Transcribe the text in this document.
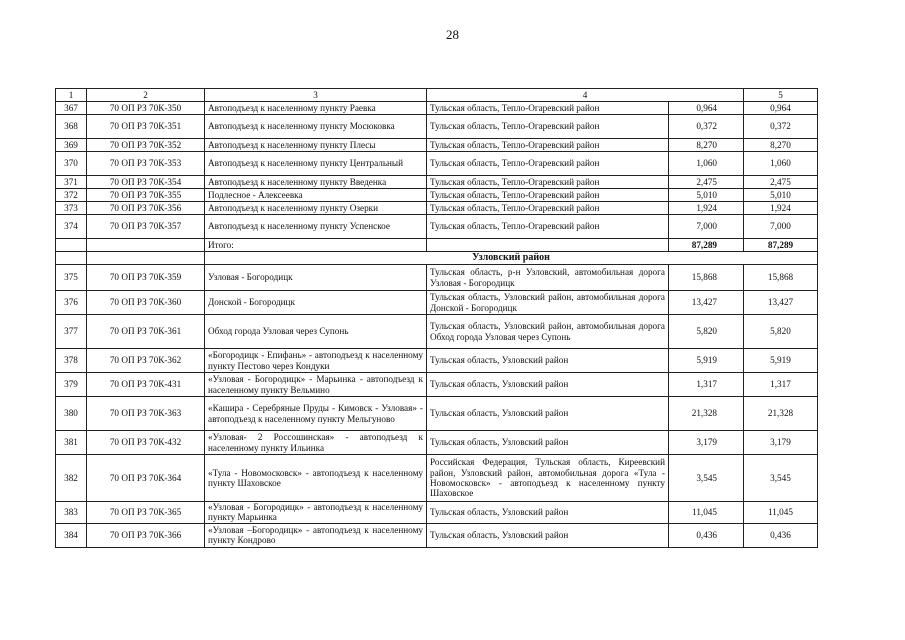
28
1	2	3	4		5
367	70 ОП РЗ 70К-350	Автоподъезд к населенному пункту Раевка	Тульская область, Тепло-Огаревский район	0,964	0,964
368	70 ОП РЗ 70К-351	Автоподъезд к населенному пункту Мосюковка	Тульская область, Тепло-Огаревский район	0,372	0,372
369	70 ОП РЗ 70К-352	Автоподъезд к населенному пункту Плесы	Тульская область, Тепло-Огаревский район	8,270	8,270
370	70 ОП РЗ 70К-353	Автоподъезд к населенному пункту Центральный	Тульская область, Тепло-Огаревский район	1,060	1,060
371	70 ОП РЗ 70К-354	Автоподъезд к населенному пункту Введенка	Тульская область, Тепло-Огаревский район	2,475	2,475
372	70 ОП РЗ 70К-355	Подлесное - Алексеевка	Тульская область, Тепло-Огаревский район	5,010	5,010
373	70 ОП РЗ 70К-356	Автоподъезд к населенному пункту Озерки	Тульская область, Тепло-Огаревский район	1,924	1,924
374	70 ОП РЗ 70К-357	Автоподъезд к населенному пункту Успенское	Тульская область, Тепло-Огаревский район	7,000	7,000
		Итого:		87,289	87,289
		Узловский район			
375	70 ОП РЗ 70К-359	Узловая - Богородицк	Тульская область, р-н Узловский, автомобильная дорога Узловая - Богородицк	15,868	15,868
376	70 ОП РЗ 70К-360	Донской - Богородицк	Тульская область, Узловский район, автомобильная дорога Донской - Богородицк	13,427	13,427
377	70 ОП РЗ 70К-361	Обход города Узловая через Супонь	Тульская область, Узловский район, автомобильная дорога Обход города Узловая через Супонь	5,820	5,820
378	70 ОП РЗ 70К-362	«Богородицк - Епифань» - автоподъезд к населенному пункту Пестово через Кондуки	Тульская область, Узловский район	5,919	5,919
379	70 ОП РЗ 70К-431	«Узловая - Богородицк» - Марьинка - автоподъезд к населенному пункту Вельмино	Тульская область, Узловский район	1,317	1,317
380	70 ОП РЗ 70К-363	«Кашира - Серебряные Пруды - Кимовск - Узловая» - автоподъезд к населенному пункту Мельгуново	Тульская область, Узловский район	21,328	21,328
381	70 ОП РЗ 70К-432	«Узловая- 2 Россошинская» - автоподъезд к населенному пункту Ильинка	Тульская область, Узловский район	3,179	3,179
382	70 ОП РЗ 70К-364	«Тула - Новомосковск» - автоподъезд к населенному пункту Шаховское	Российская Федерация, Тульская область, Киреевский район, Узловский район, автомобильная дорога «Тула - Новомосковск» - автоподъезд к населенному пункту Шаховское	3,545	3,545
383	70 ОП РЗ 70К-365	«Узловая - Богородицк» - автоподъезд к населенному пункту Марьинка	Тульская область, Узловский район	11,045	11,045
384	70 ОП РЗ 70К-366	«Узловая –Богородицк» - автоподъезд к населенному пункту Кондрово	Тульская область, Узловский район	0,436	0,436
